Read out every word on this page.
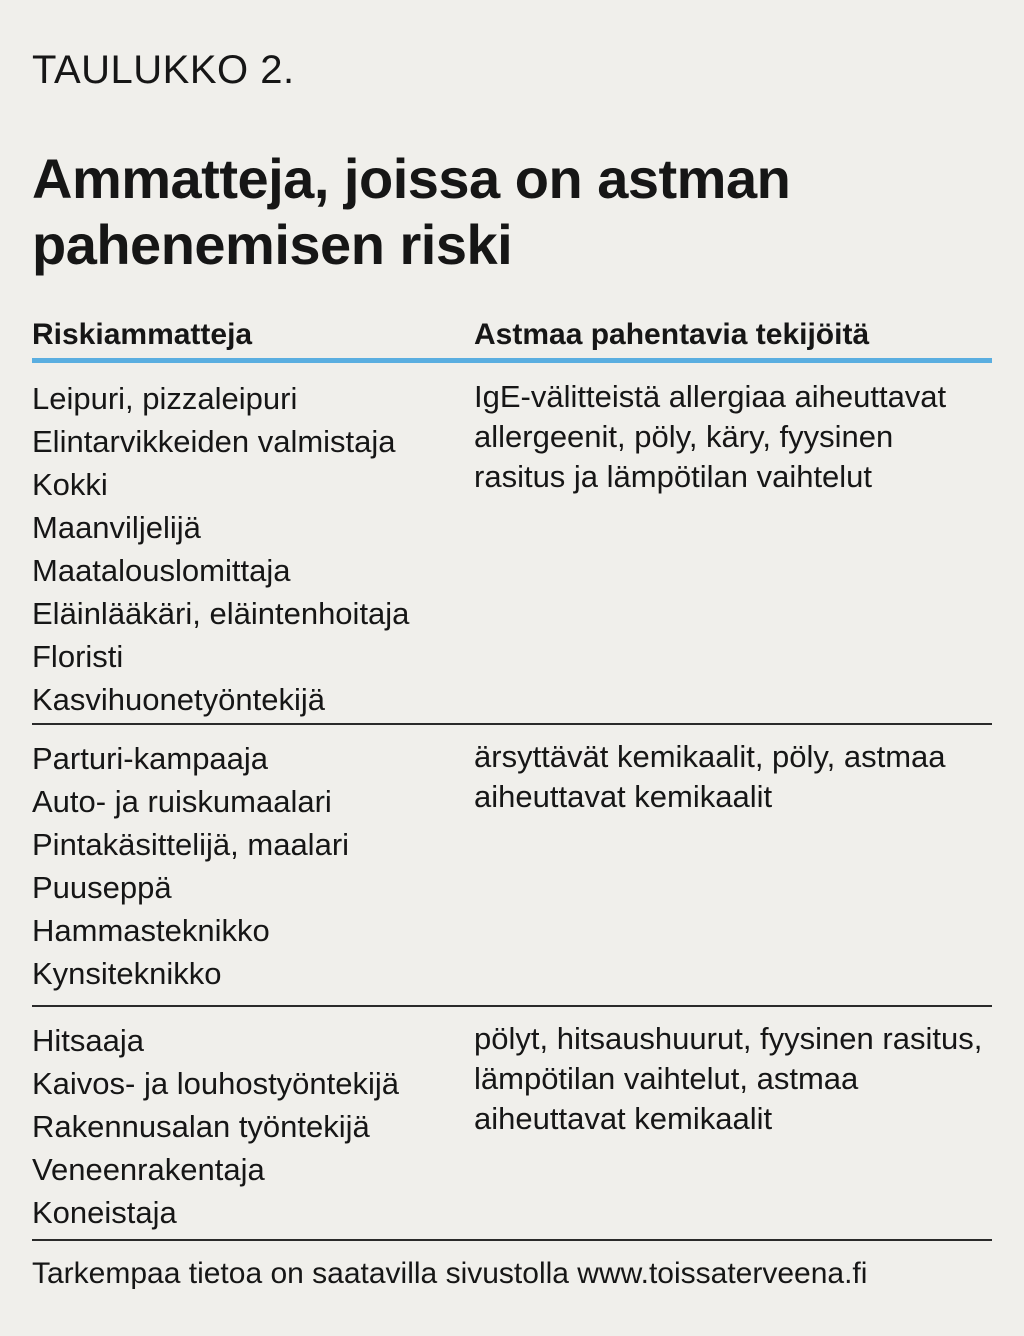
TAULUKKO 2.
Ammatteja, joissa on astman pahenemisen riski
Riskiammatteja	Astmaa pahentavia tekijöitä
Leipuri, pizzaleipuri
Elintarvikkeiden valmistaja
Kokki
Maanviljelijä
Maatalouslomittaja
Eläinlääkäri, eläintenhoitaja
Floristi
Kasvihuonetyöntekijä
IgE-välitteistä allergiaa aiheuttavat allergeenit, pöly, käry, fyysinen rasitus ja lämpötilan vaihtelut
Parturi-kampaaja
Auto- ja ruiskumaalari
Pintakäsittelijä, maalari
Puuseppä
Hammasteknikko
Kynsiteknikko
ärsyttävät kemikaalit, pöly, astmaa aiheuttavat kemikaalit
Hitsaaja
Kaivos- ja louhostyöntekijä
Rakennusalan työntekijä
Veneenrakentaja
Koneistaja
pölyt, hitsaushuurut, fyysinen rasitus, lämpötilan vaihtelut, astmaa aiheuttavat kemikaalit
Tarkempaa tietoa on saatavilla sivustolla www.toissaterveena.fi
